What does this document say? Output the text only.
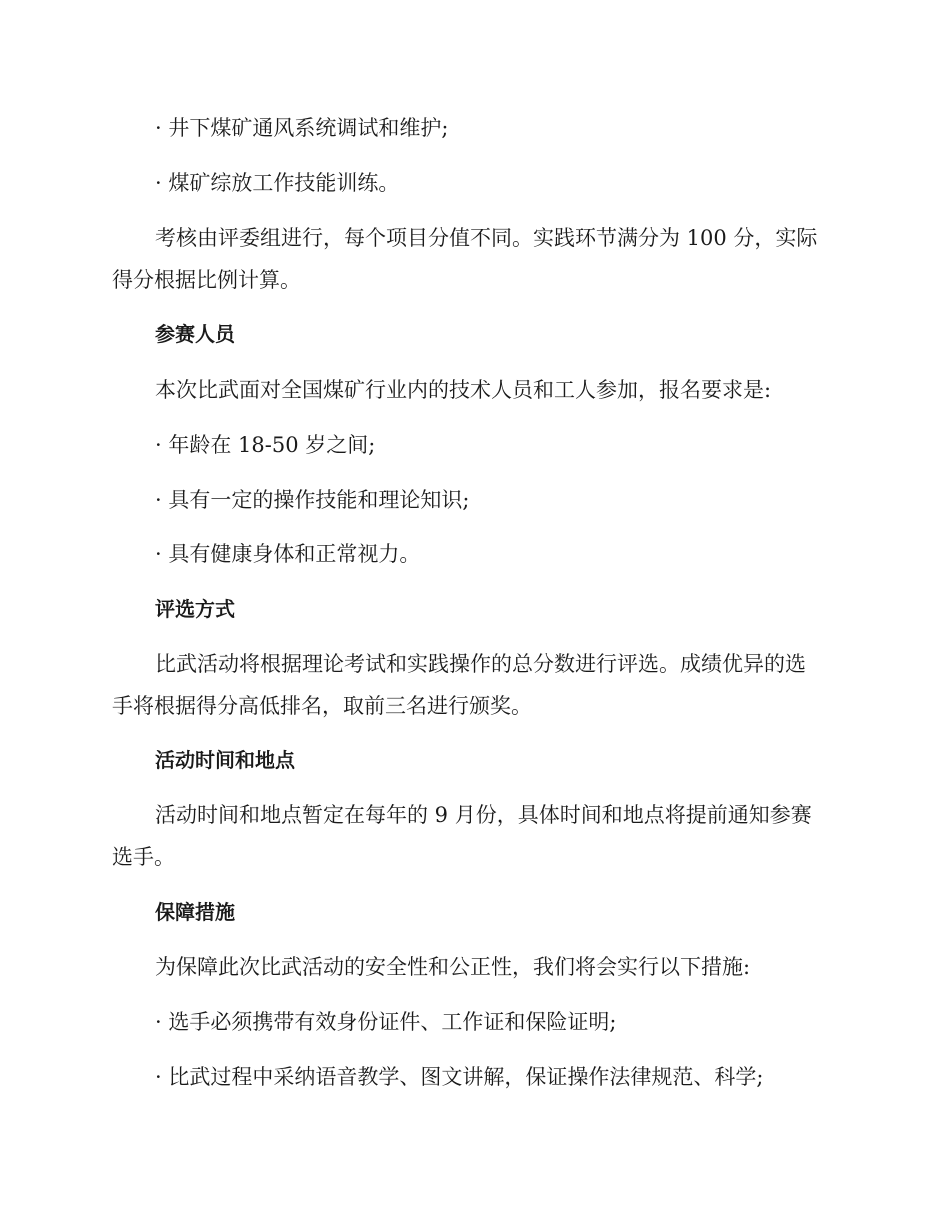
· 井下煤矿通风系统调试和维护;
· 煤矿综放工作技能训练。
考核由评委组进行，每个项目分值不同。实践环节满分为 100 分，实际
得分根据比例计算。
参赛人员
本次比武面对全国煤矿行业内的技术人员和工人参加，报名要求是:
· 年龄在 18-50 岁之间;
· 具有一定的操作技能和理论知识;
· 具有健康身体和正常视力。
评选方式
比武活动将根据理论考试和实践操作的总分数进行评选。成绩优异的选
手将根据得分高低排名，取前三名进行颁奖。
活动时间和地点
活动时间和地点暂定在每年的 9 月份，具体时间和地点将提前通知参赛
选手。
保障措施
为保障此次比武活动的安全性和公正性，我们将会实行以下措施:
· 选手必须携带有效身份证件、工作证和保险证明;
· 比武过程中采纳语音教学、图文讲解，保证操作法律规范、科学;
